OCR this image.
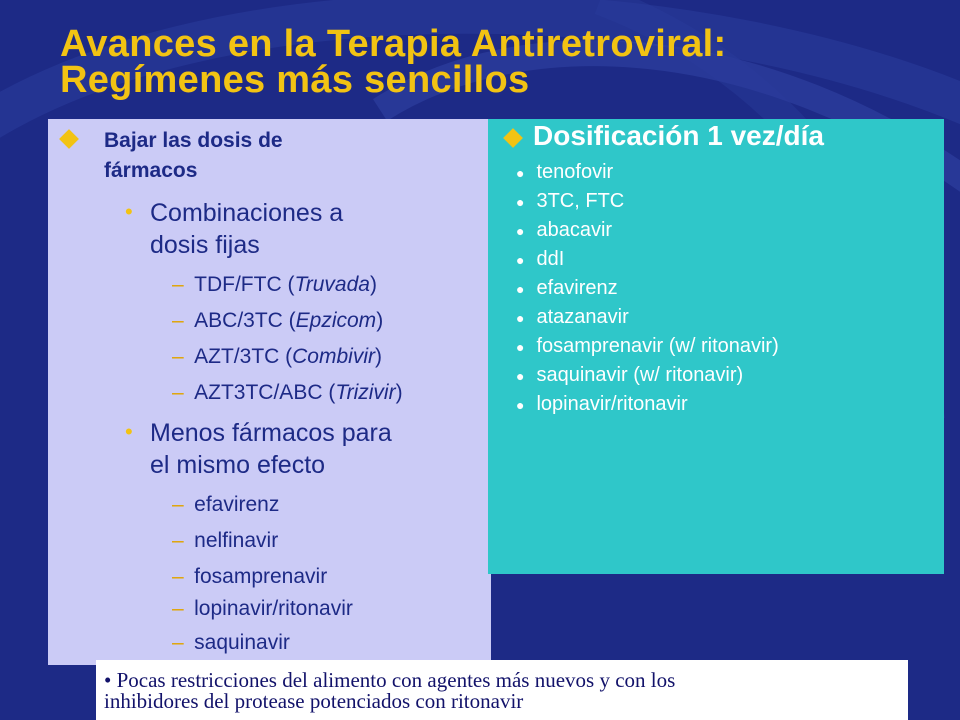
Avances en la Terapia Antiretroviral:
Regímenes más sencillos
Bajar las dosis de
fármacos
• Combinaciones a
dosis fijas
– TDF/FTC (Truvada)
– ABC/3TC (Epzicom)
– AZT/3TC (Combivir)
– AZT3TC/ABC (Trizivir)
• Menos fármacos para
el mismo efecto
– efavirenz
– nelfinavir
– fosamprenavir
– lopinavir/ritonavir
– saquinavir
Dosificación 1 vez/día
● tenofovir
● 3TC, FTC
● abacavir
● ddI
● efavirenz
● atazanavir
● fosamprenavir (w/ ritonavir)
● saquinavir (w/ ritonavir)
● lopinavir/ritonavir
• Pocas restricciones del alimento con agentes más nuevos y con los
inhibidores del protease potenciados con ritonavir
